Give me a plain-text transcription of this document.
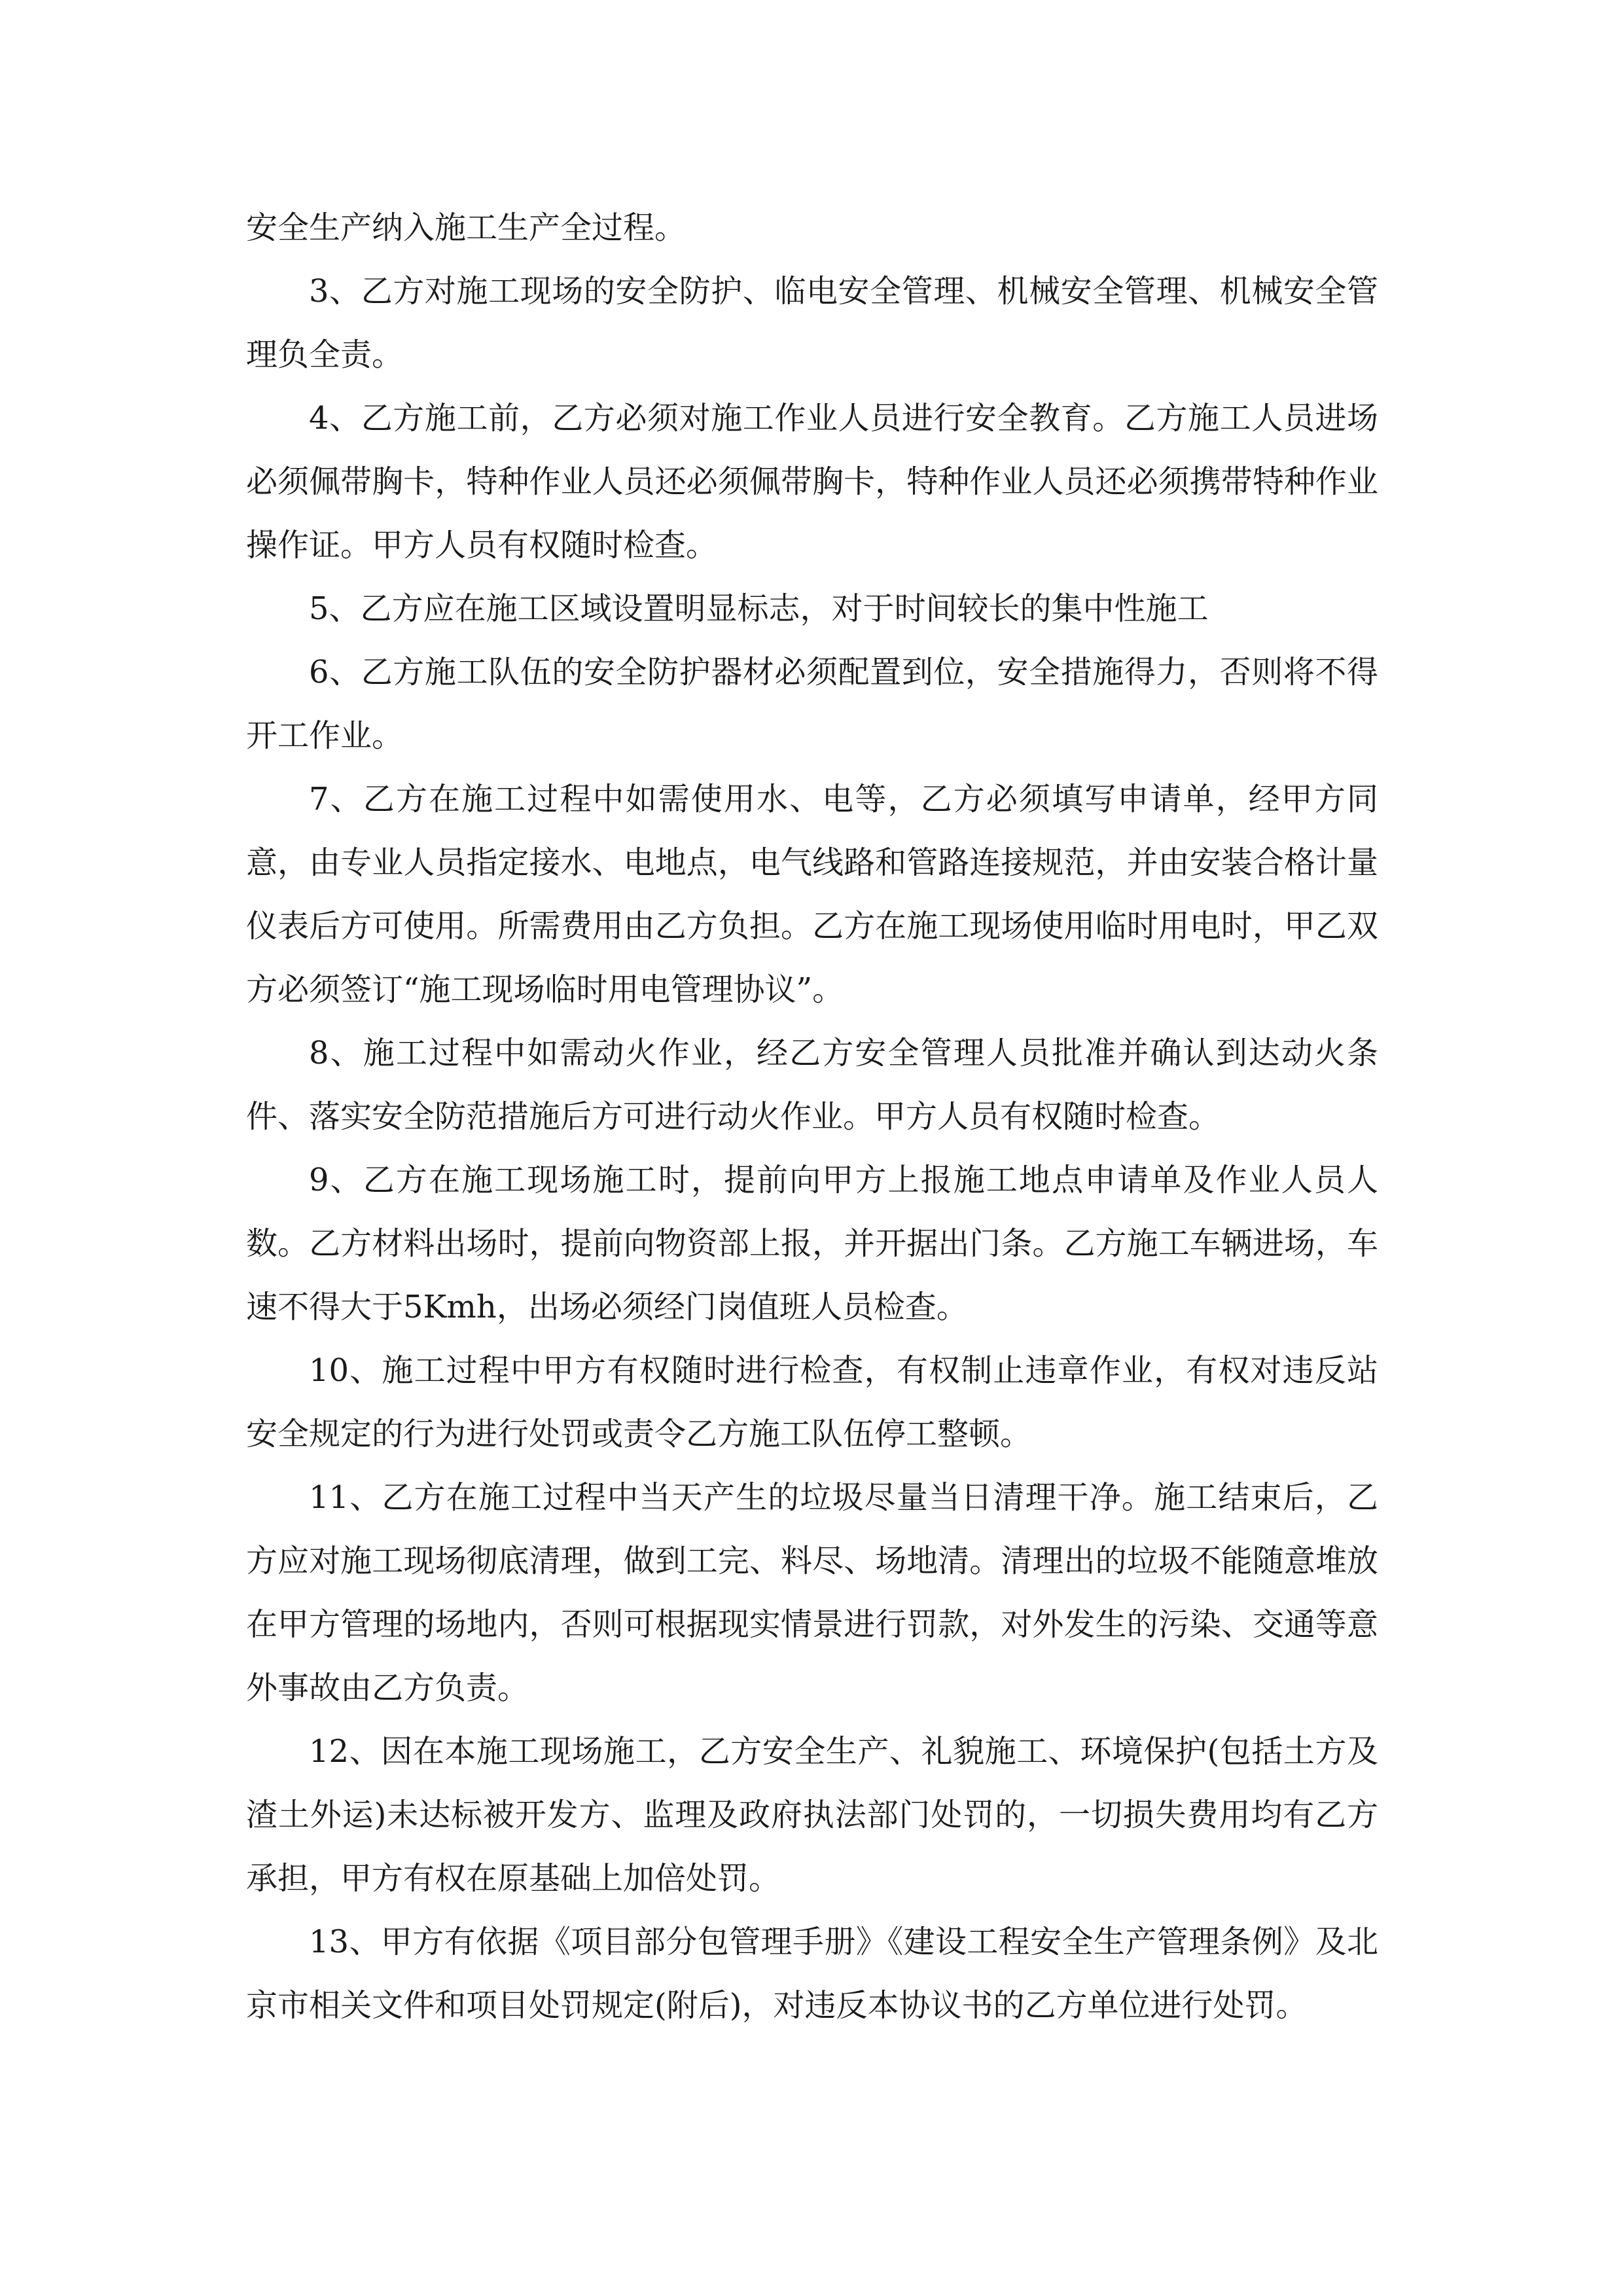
安全生产纳入施工生产全过程。

3、乙方对施工现场的安全防护、临电安全管理、机械安全管理、机械安全管理负全责。

4、乙方施工前，乙方必须对施工作业人员进行安全教育。乙方施工人员进场必须佩带胸卡，特种作业人员还必须佩带胸卡，特种作业人员还必须携带特种作业操作证。甲方人员有权随时检查。

5、乙方应在施工区域设置明显标志，对于时间较长的集中性施工

6、乙方施工队伍的安全防护器材必须配置到位，安全措施得力，否则将不得开工作业。

7、乙方在施工过程中如需使用水、电等，乙方必须填写申请单，经甲方同意，由专业人员指定接水、电地点，电气线路和管路连接规范，并由安装合格计量仪表后方可使用。所需费用由乙方负担。乙方在施工现场使用临时用电时，甲乙双方必须签订“施工现场临时用电管理协议”。

8、施工过程中如需动火作业，经乙方安全管理人员批准并确认到达动火条件、落实安全防范措施后方可进行动火作业。甲方人员有权随时检查。

9、乙方在施工现场施工时，提前向甲方上报施工地点申请单及作业人员人数。乙方材料出场时，提前向物资部上报，并开据出门条。乙方施工车辆进场，车速不得大于5Kmh，出场必须经门岗值班人员检查。

10、施工过程中甲方有权随时进行检查，有权制止违章作业，有权对违反站安全规定的行为进行处罚或责令乙方施工队伍停工整顿。

11、乙方在施工过程中当天产生的垃圾尽量当日清理干净。施工结束后，乙方应对施工现场彻底清理，做到工完、料尽、场地清。清理出的垃圾不能随意堆放在甲方管理的场地内，否则可根据现实情景进行罚款，对外发生的污染、交通等意外事故由乙方负责。

12、因在本施工现场施工，乙方安全生产、礼貌施工、环境保护(包括土方及渣土外运)未达标被开发方、监理及政府执法部门处罚的，一切损失费用均有乙方承担，甲方有权在原基础上加倍处罚。

13、甲方有依据《项目部分包管理手册》《建设工程安全生产管理条例》及北京市相关文件和项目处罚规定(附后)，对违反本协议书的乙方单位进行处罚。
